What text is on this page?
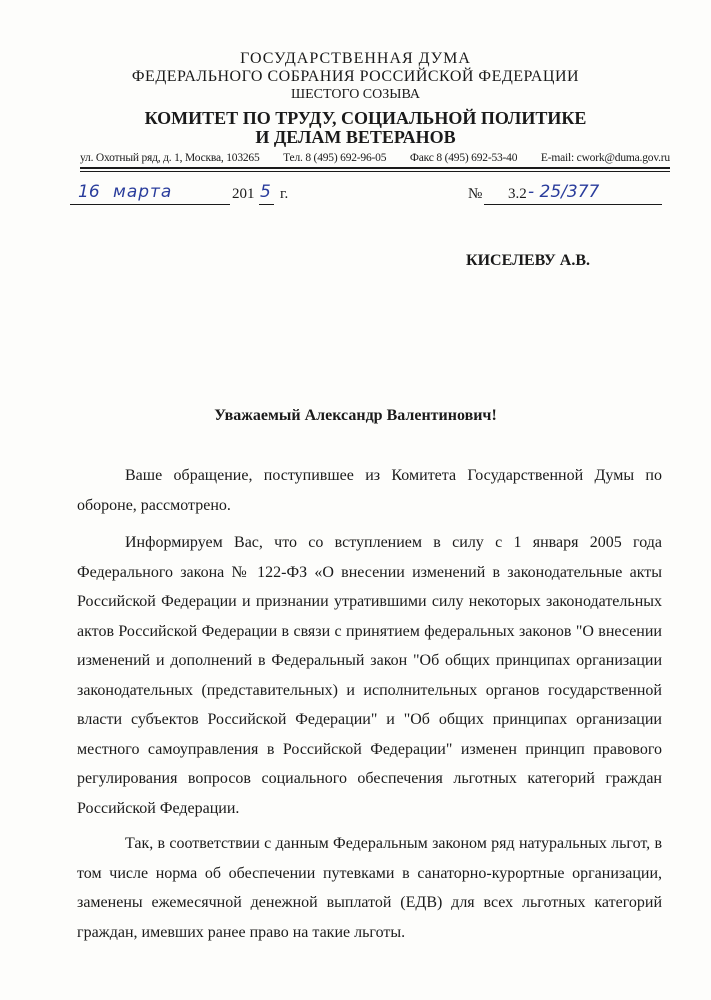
ГОСУДАРСТВЕННАЯ ДУМА
ФЕДЕРАЛЬНОГО СОБРАНИЯ РОССИЙСКОЙ ФЕДЕРАЦИИ
ШЕСТОГО СОЗЫВА
КОМИТЕТ ПО ТРУДУ, СОЦИАЛЬНОЙ ПОЛИТИКЕ
И ДЕЛАМ ВЕТЕРАНОВ
ул. Охотный ряд, д. 1, Москва, 103265 Тел. 8 (495) 692-96-05 Факс 8 (495) 692-53-40 E-mail: cwork@duma.gov.ru
16 марта	201 5 г.	№ 3.2 - 25/377
КИСЕЛЕВУ А.В.
Уважаемый Александр Валентинович!

Ваше обращение, поступившее из Комитета Государственной Думы по обороне, рассмотрено.

Информируем Вас, что со вступлением в силу с 1 января 2005 года Федерального закона № 122-ФЗ «О внесении изменений в законодательные акты Российской Федерации и признании утратившими силу некоторых законодательных актов Российской Федерации в связи с принятием федеральных законов "О внесении изменений и дополнений в Федеральный закон "Об общих принципах организации законодательных (представительных) и исполнительных органов государственной власти субъектов Российской Федерации" и "Об общих принципах организации местного самоуправления в Российской Федерации" изменен принцип правового регулирования вопросов социального обеспечения льготных категорий граждан Российской Федерации.

Так, в соответствии с данным Федеральным законом ряд натуральных льгот, в том числе норма об обеспечении путевками в санаторно-курортные организации, заменены ежемесячной денежной выплатой (ЕДВ) для всех льготных категорий граждан, имевших ранее право на такие льготы.
